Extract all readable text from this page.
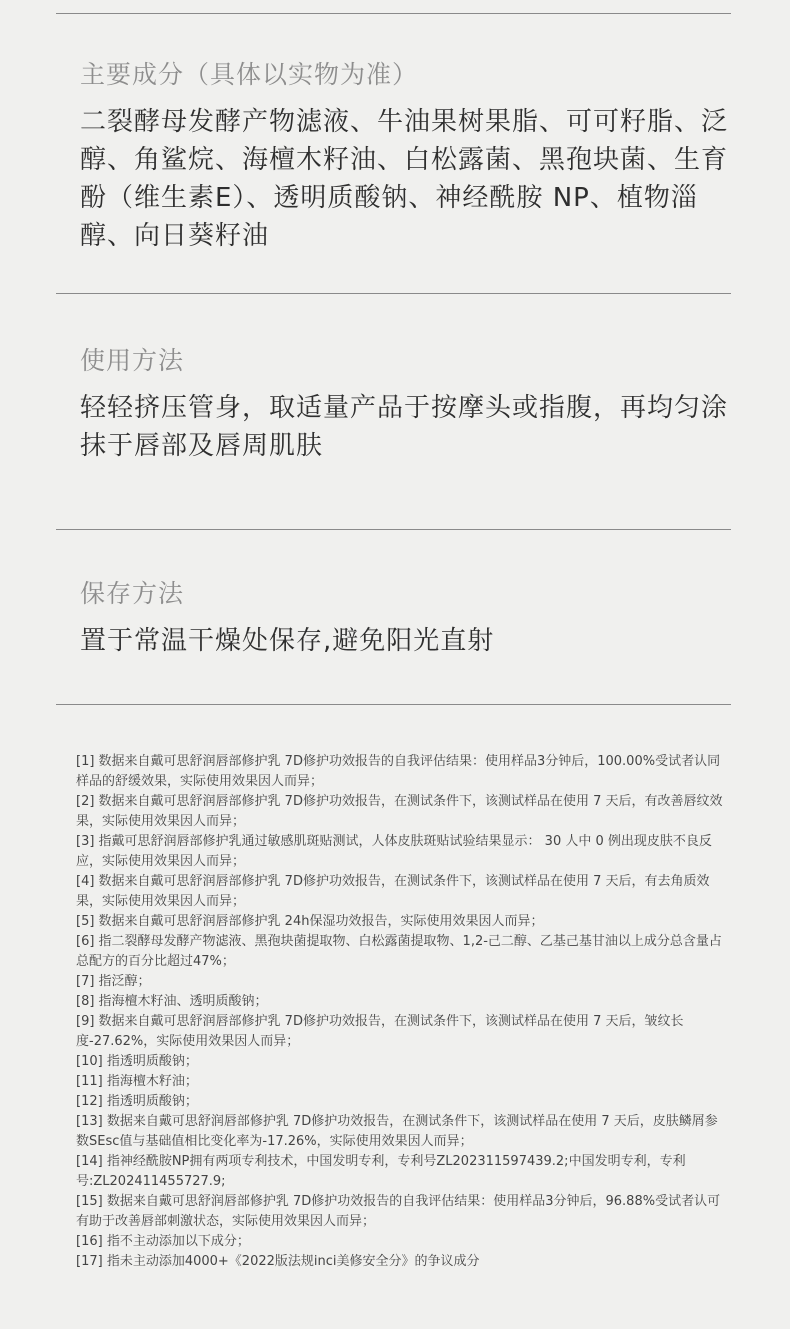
主要成分（具体以实物为准）
二裂酵母发酵产物滤液、牛油果树果脂、可可籽脂、泛醇、角鲨烷、海檀木籽油、白松露菌、黑孢块菌、生育酚（维生素E）、透明质酸钠、神经酰胺 NP、植物淄醇、向日葵籽油
使用方法
轻轻挤压管身，取适量产品于按摩头或指腹，再均匀涂抹于唇部及唇周肌肤
保存方法
置于常温干燥处保存,避免阳光直射

[1] 数据来自戴可思舒润唇部修护乳 7D修护功效报告的自我评估结果：使用样品3分钟后，100.00%受试者认同样品的舒缓效果，实际使用效果因人而异；

[2] 数据来自戴可思舒润唇部修护乳 7D修护功效报告，在测试条件下，该测试样品在使用 7 天后，有改善唇纹效果，实际使用效果因人而异；

[3] 指戴可思舒润唇部修护乳通过敏感肌斑贴测试，人体皮肤斑贴试验结果显示： 30 人中 0 例出现皮肤不良反应，实际使用效果因人而异；

[4] 数据来自戴可思舒润唇部修护乳 7D修护功效报告，在测试条件下，该测试样品在使用 7 天后，有去角质效果，实际使用效果因人而异；

[5] 数据来自戴可思舒润唇部修护乳 24h保湿功效报告，实际使用效果因人而异；

[6] 指二裂酵母发酵产物滤液、黑孢块菌提取物、白松露菌提取物、1,2-己二醇、乙基己基甘油以上成分总含量占总配方的百分比超过47%；

[7] 指泛醇；

[8] 指海檀木籽油、透明质酸钠；

[9] 数据来自戴可思舒润唇部修护乳 7D修护功效报告，在测试条件下，该测试样品在使用 7 天后，皱纹长度-27.62%，实际使用效果因人而异；

[10] 指透明质酸钠；

[11] 指海檀木籽油；

[12] 指透明质酸钠；

[13] 数据来自戴可思舒润唇部修护乳 7D修护功效报告，在测试条件下，该测试样品在使用 7 天后，皮肤鳞屑参数SEsc值与基础值相比变化率为-17.26%，实际使用效果因人而异；

[14] 指神经酰胺NP拥有两项专利技术，中国发明专利，专利号ZL202311597439.2;中国发明专利，专利号:ZL202411455727.9;

[15] 数据来自戴可思舒润唇部修护乳 7D修护功效报告的自我评估结果：使用样品3分钟后，96.88%受试者认可有助于改善唇部刺激状态，实际使用效果因人而异；

[16] 指不主动添加以下成分；

[17] 指未主动添加4000+《2022版法规inci美修安全分》的争议成分
